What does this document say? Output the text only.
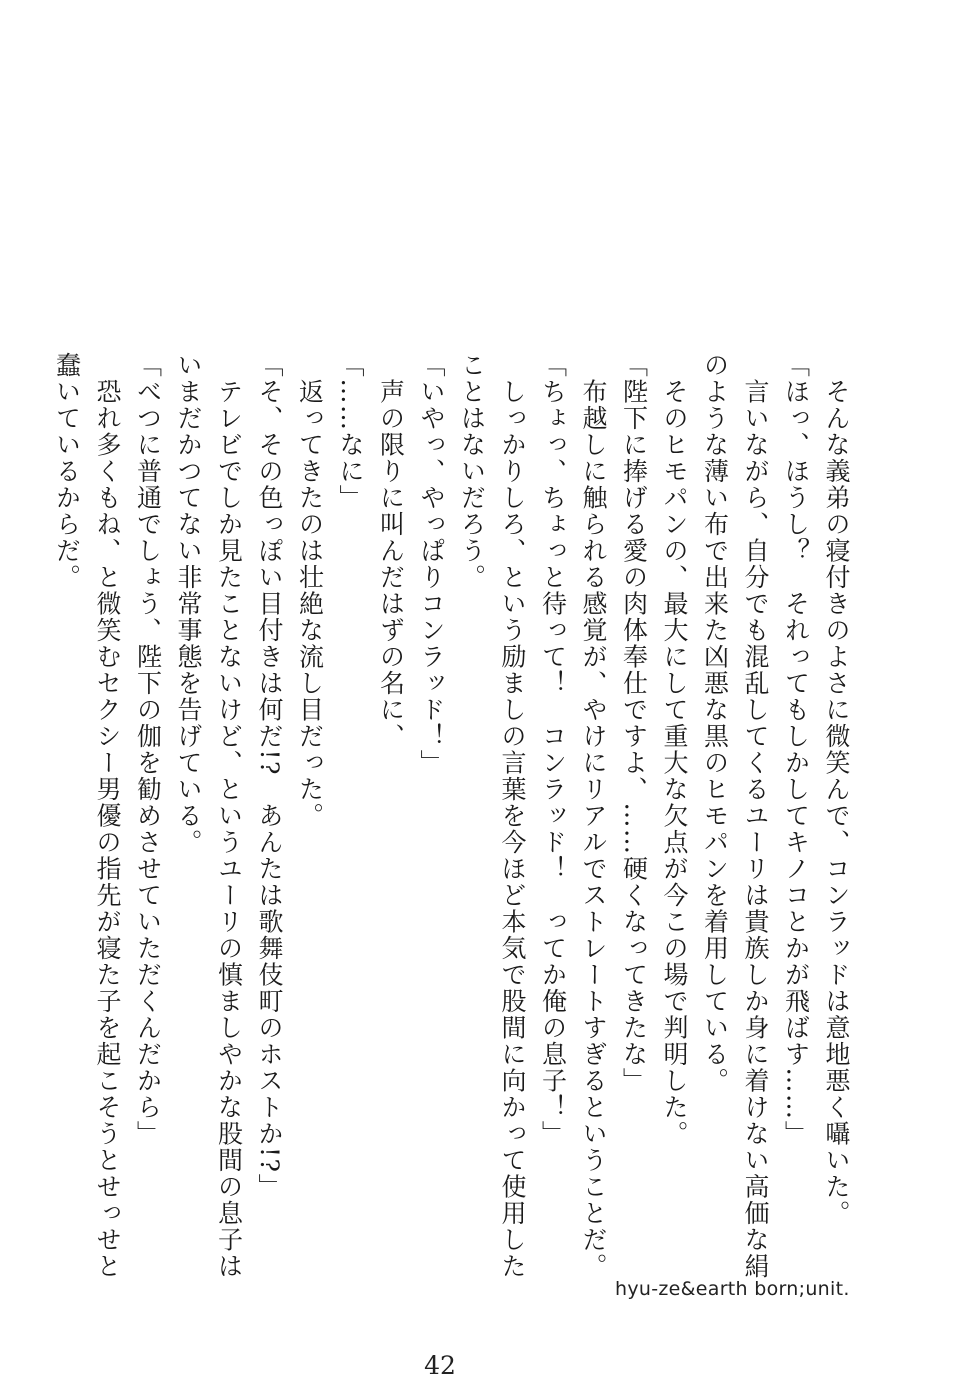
　そんな義弟の寝付きのよさに微笑んで、コンラッドは意地悪く囁いた。
「ほっ、ほうし？　それってもしかしてキノコとかが飛ばす……」
　言いながら、自分でも混乱してくるユーリは貴族しか身に着けない高価な絹
のような薄い布で出来た凶悪な黒のヒモパンを着用している。
　そのヒモパンの、最大にして重大な欠点が今この場で判明した。
「陛下に捧げる愛の肉体奉仕ですよ、……硬くなってきたな」
　布越しに触られる感覚が、やけにリアルでストレートすぎるということだ。
「ちょっ、ちょっと待って！　コンラッド！　ってか俺の息子！」
　しっかりしろ、という励ましの言葉を今ほど本気で股間に向かって使用した
ことはないだろう。
「いやっ、やっぱりコンラッド！」
　声の限りに叫んだはずの名に、
「……なに」
　返ってきたのは壮絶な流し目だった。
「そ、その色っぽい目付きは何だ!?　あんたは歌舞伎町のホストか!?」
　テレビでしか見たことないけど、というユーリの慎ましやかな股間の息子は
いまだかつてない非常事態を告げている。
「べつに普通でしょう、陛下の伽を勧めさせていただくんだから」
　恐れ多くもね、と微笑むセクシー男優の指先が寝た子を起こそうとせっせと
蠢いているからだ。
hyu-ze&earth born;unit.
42
